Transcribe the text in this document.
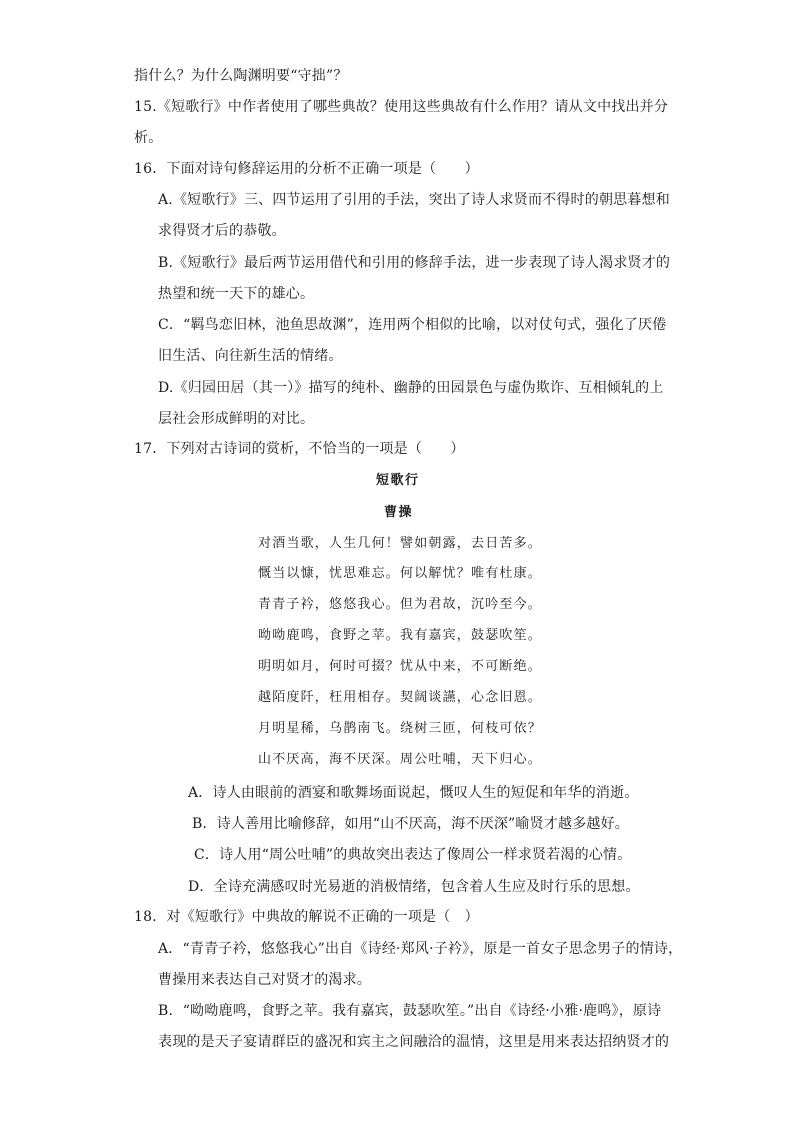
指什么？为什么陶渊明要“守拙”？
15.《短歌行》中作者使用了哪些典故？使用这些典故有什么作用？请从文中找出并分
析。
16．下面对诗句修辞运用的分析不正确一项是（　　）
A.《短歌行》三、四节运用了引用的手法，突出了诗人求贤而不得时的朝思暮想和
求得贤才后的恭敬。
B.《短歌行》最后两节运用借代和引用的修辞手法，进一步表现了诗人渴求贤才的
热望和统一天下的雄心。
C．“羁鸟恋旧林，池鱼思故渊”，连用两个相似的比喻，以对仗句式，强化了厌倦
旧生活、向往新生活的情绪。
D.《归园田居（其一）》描写的纯朴、幽静的田园景色与虚伪欺诈、互相倾轧的上
层社会形成鲜明的对比。
17．下列对古诗词的赏析，不恰当的一项是（　　）
短歌行
曹操
对酒当歌，人生几何！譬如朝露，去日苦多。
慨当以慷，忧思难忘。何以解忧？唯有杜康。
青青子衿，悠悠我心。但为君故，沉吟至今。
呦呦鹿鸣，食野之苹。我有嘉宾，鼓瑟吹笙。
明明如月，何时可掇？忧从中来，不可断绝。
越陌度阡，枉用相存。契阔谈讌，心念旧恩。
月明星稀，乌鹊南飞。绕树三匝，何枝可依？
山不厌高，海不厌深。周公吐哺，天下归心。
A．诗人由眼前的酒宴和歌舞场面说起，慨叹人生的短促和年华的消逝。
B．诗人善用比喻修辞，如用“山不厌高，海不厌深”喻贤才越多越好。
C．诗人用“周公吐哺”的典故突出表达了像周公一样求贤若渴的心情。
D．全诗充满感叹时光易逝的消极情绪，包含着人生应及时行乐的思想。
18．对《短歌行》中典故的解说不正确的一项是（　）
A．“青青子衿，悠悠我心”出自《诗经·郑风·子衿》，原是一首女子思念男子的情诗，
曹操用来表达自己对贤才的渴求。
B．“呦呦鹿鸣，食野之苹。我有嘉宾，鼓瑟吹笙。”出自《诗经·小雅·鹿鸣》，原诗
表现的是天子宴请群臣的盛况和宾主之间融洽的温情，这里是用来表达招纳贤才的
